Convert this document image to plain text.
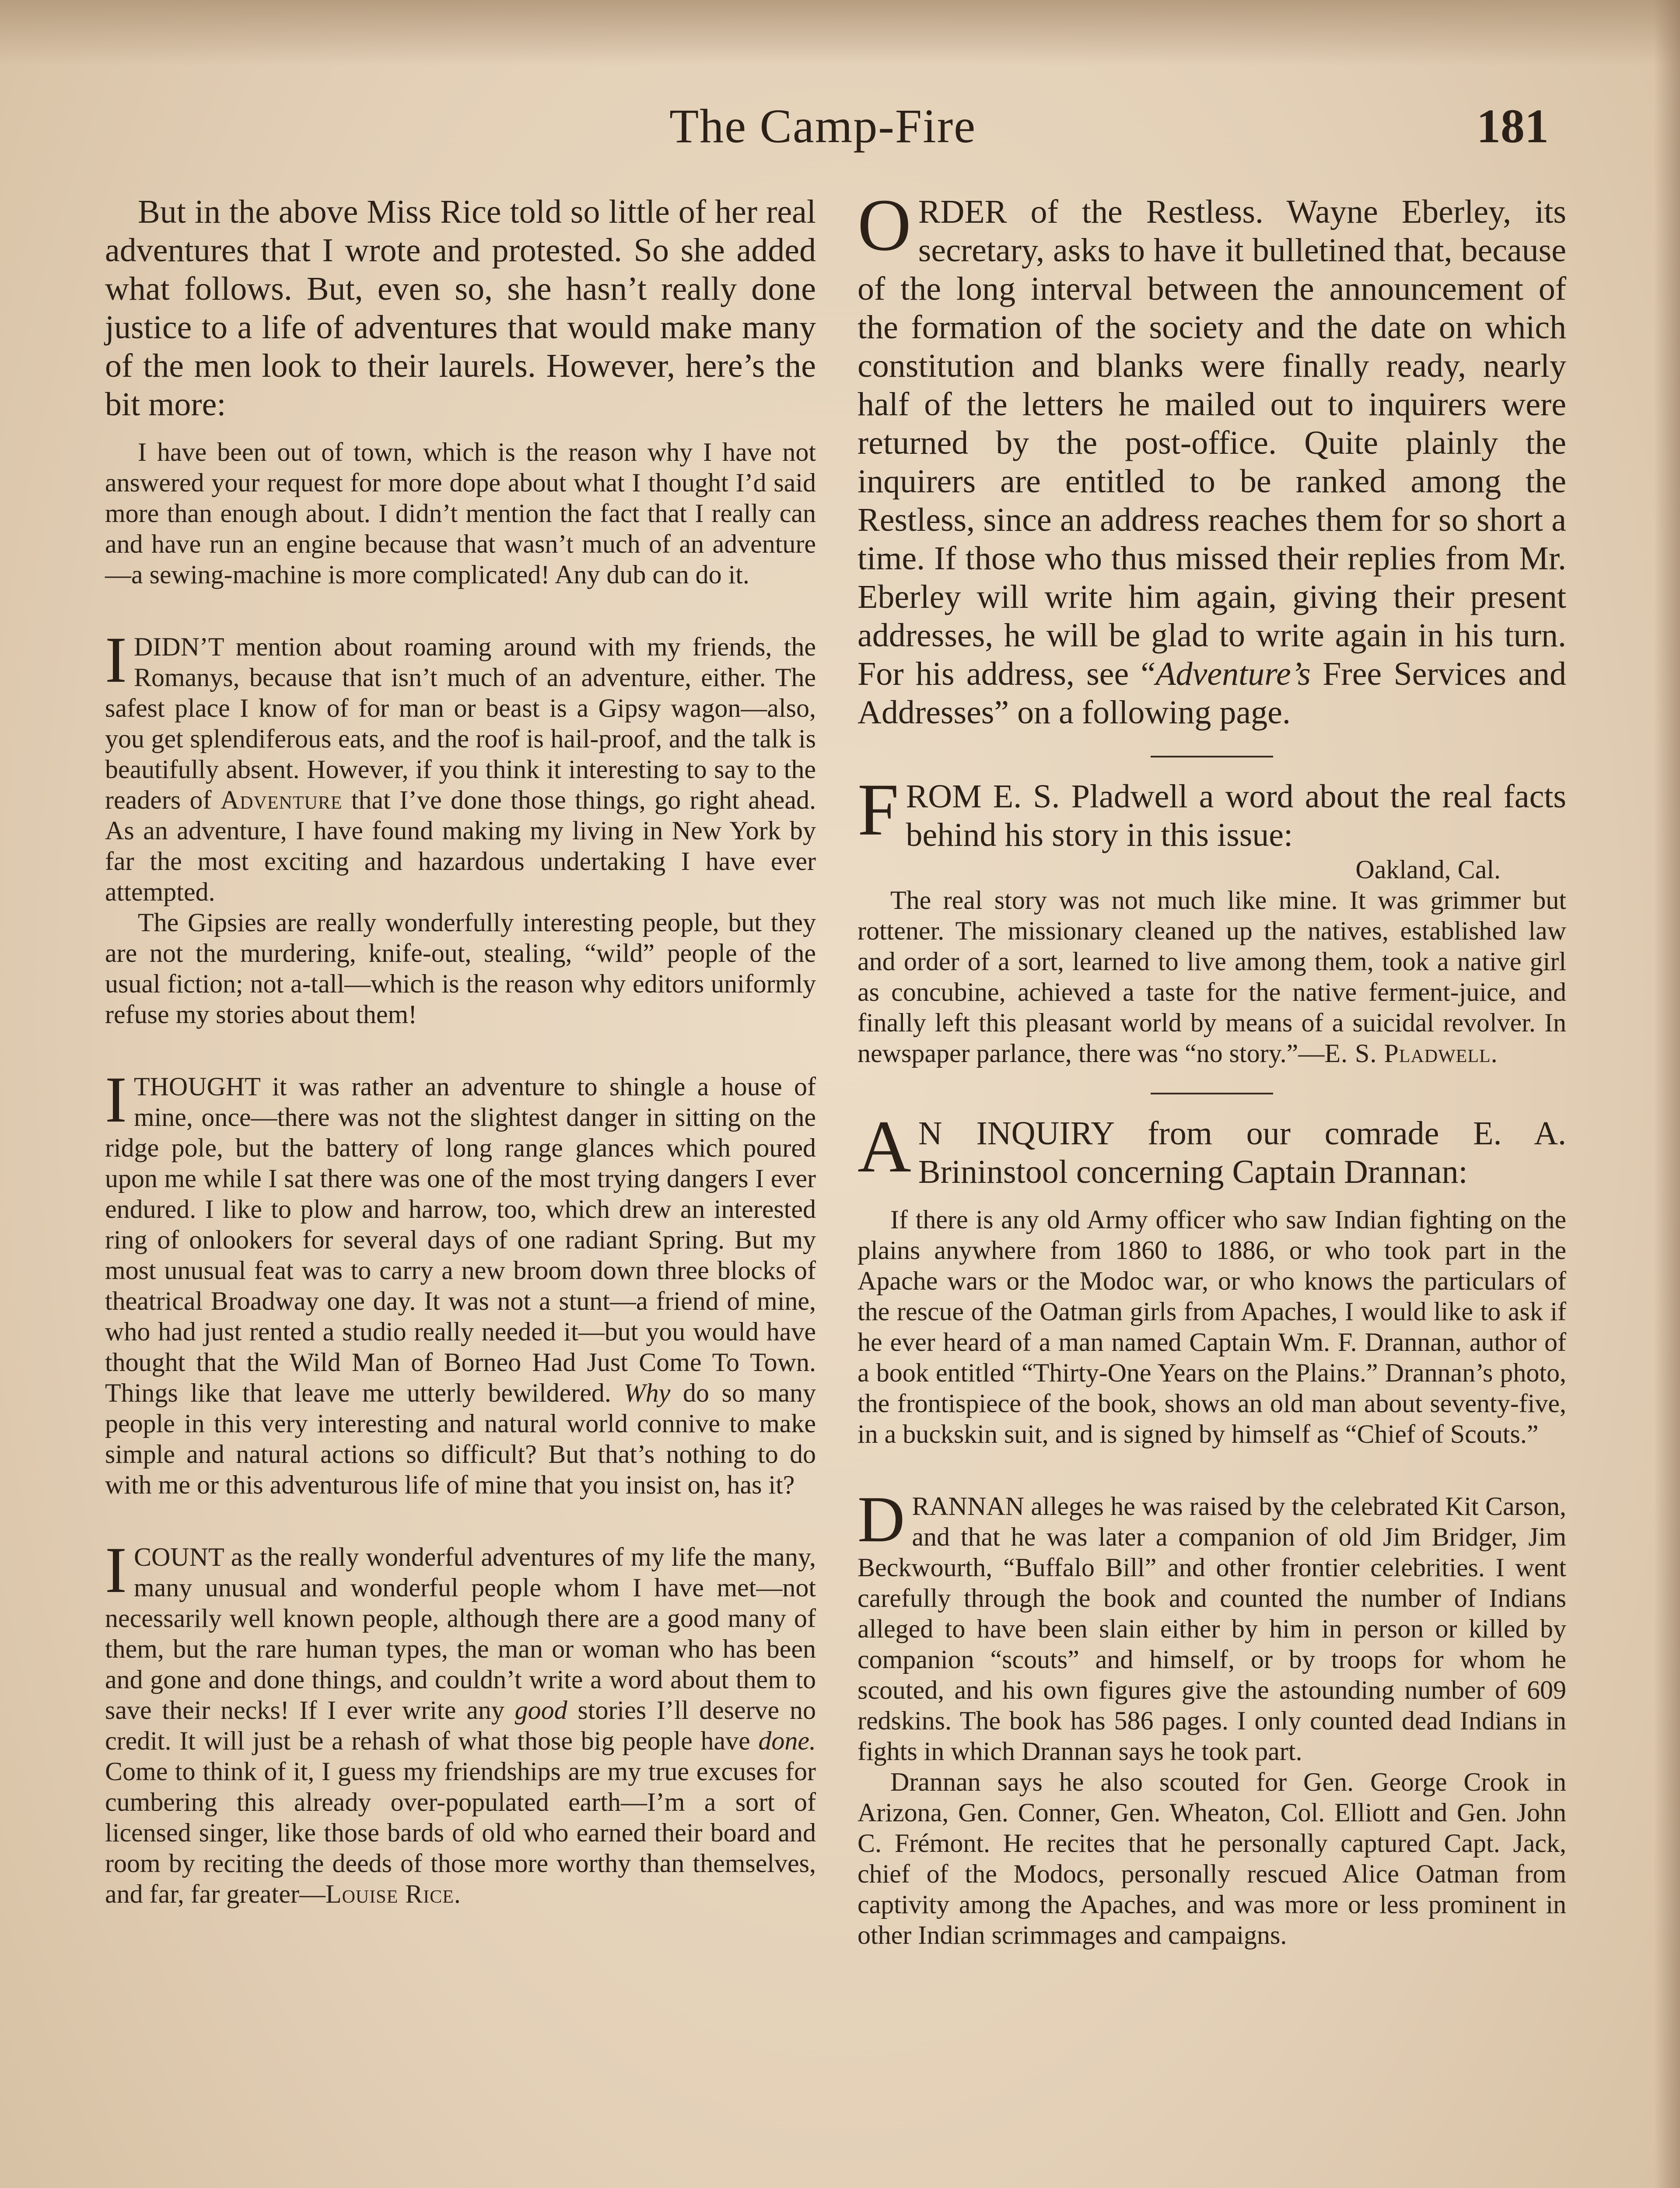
The Camp-Fire	181

But in the above Miss Rice told so little of her real adventures that I wrote and protested. So she added what follows. But, even so, she hasn’t really done justice to a life of adventures that would make many of the men look to their laurels. However, here’s the bit more:

I have been out of town, which is the reason why I have not answered your request for more dope about what I thought I’d said more than enough about. I didn’t mention the fact that I really can and have run an engine because that wasn’t much of an adventure—a sewing-machine is more complicated! Any dub can do it.

I DIDN’T mention about roaming around with my friends, the Romanys, because that isn’t much of an adventure, either. The safest place I know of for man or beast is a Gipsy wagon—also, you get splendiferous eats, and the roof is hail-proof, and the talk is beautifully absent. However, if you think it interesting to say to the readers of Adventure that I’ve done those things, go right ahead. As an adventure, I have found making my living in New York by far the most exciting and hazardous undertaking I have ever attempted.

The Gipsies are really wonderfully interesting people, but they are not the murdering, knife-out, stealing, “wild” people of the usual fiction; not a-tall—which is the reason why editors uniformly refuse my stories about them!

I THOUGHT it was rather an adventure to shingle a house of mine, once—there was not the slightest danger in sitting on the ridge pole, but the battery of long range glances which poured upon me while I sat there was one of the most trying dangers I ever endured. I like to plow and harrow, too, which drew an interested ring of onlookers for several days of one radiant Spring. But my most unusual feat was to carry a new broom down three blocks of theatrical Broadway one day. It was not a stunt—a friend of mine, who had just rented a studio really needed it—but you would have thought that the Wild Man of Borneo Had Just Come To Town. Things like that leave me utterly bewildered. Why do so many people in this very interesting and natural world connive to make simple and natural actions so difficult? But that’s nothing to do with me or this adventurous life of mine that you insist on, has it?

I COUNT as the really wonderful adventures of my life the many, many unusual and wonderful people whom I have met—not necessarily well known people, although there are a good many of them, but the rare human types, the man or woman who has been and gone and done things, and couldn’t write a word about them to save their necks! If I ever write any good stories I’ll deserve no credit. It will just be a rehash of what those big people have done. Come to think of it, I guess my friendships are my true excuses for cumbering this already over-populated earth—I’m a sort of licensed singer, like those bards of old who earned their board and room by reciting the deeds of those more worthy than themselves, and far, far greater—Louise Rice.

ORDER of the Restless. Wayne Eberley, its secretary, asks to have it bulletined that, because of the long interval between the announcement of the formation of the society and the date on which constitution and blanks were finally ready, nearly half of the letters he mailed out to inquirers were returned by the post-office. Quite plainly the inquirers are entitled to be ranked among the Restless, since an address reaches them for so short a time. If those who thus missed their replies from Mr. Eberley will write him again, giving their present addresses, he will be glad to write again in his turn. For his address, see “Adventure’s Free Services and Addresses” on a following page.

FROM E. S. Pladwell a word about the real facts behind his story in this issue:

Oakland, Cal.

The real story was not much like mine. It was grimmer but rottener. The missionary cleaned up the natives, established law and order of a sort, learned to live among them, took a native girl as concubine, achieved a taste for the native ferment-juice, and finally left this pleasant world by means of a suicidal revolver. In newspaper parlance, there was “no story.”—E. S. Pladwell.

A N INQUIRY from our comrade E. A. Brininstool concerning Captain Drannan:

If there is any old Army officer who saw Indian fighting on the plains anywhere from 1860 to 1886, or who took part in the Apache wars or the Modoc war, or who knows the particulars of the rescue of the Oatman girls from Apaches, I would like to ask if he ever heard of a man named Captain Wm. F. Drannan, author of a book entitled “Thirty-One Years on the Plains.” Drannan’s photo, the frontispiece of the book, shows an old man about seventy-five, in a buckskin suit, and is signed by himself as “Chief of Scouts.”

DRANNAN alleges he was raised by the celebrated Kit Carson, and that he was later a companion of old Jim Bridger, Jim Beckwourth, “Buffalo Bill” and other frontier celebrities. I went carefully through the book and counted the number of Indians alleged to have been slain either by him in person or killed by companion “scouts” and himself, or by troops for whom he scouted, and his own figures give the astounding number of 609 redskins. The book has 586 pages. I only counted dead Indians in fights in which Drannan says he took part.

Drannan says he also scouted for Gen. George Crook in Arizona, Gen. Conner, Gen. Wheaton, Col. Elliott and Gen. John C. Frémont. He recites that he personally captured Capt. Jack, chief of the Modocs, personally rescued Alice Oatman from captivity among the Apaches, and was more or less prominent in other Indian scrimmages and campaigns.
